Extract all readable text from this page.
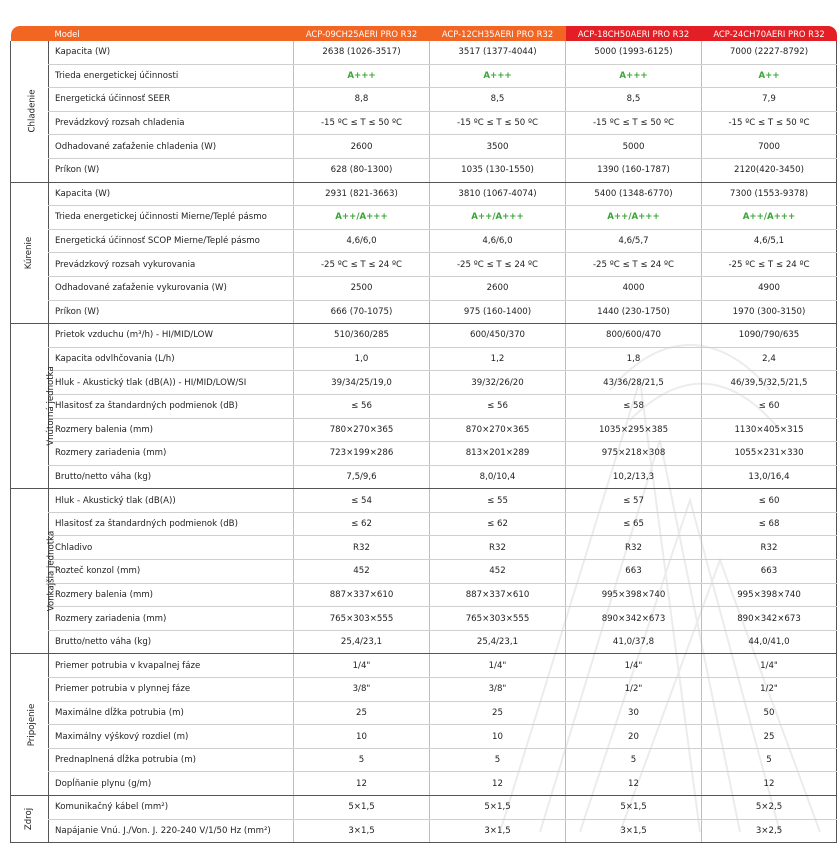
	Model	ACP-09CH25AERI PRO R32	ACP-12CH35AERI PRO R32	ACP-18CH50AERI PRO R32	ACP-24CH70AERI PRO R32
Chladenie	Kapacita (W)	2638 (1026-3517)	3517 (1377-4044)	5000 (1993-6125)	7000 (2227-8792)
	Trieda energetickej účinnosti	A+++	A+++	A+++	A++
	Energetická účinnosť SEER	8,8	8,5	8,5	7,9
	Prevádzkový rozsah chladenia	-15 ºC ≤ T ≤ 50 ºC	-15 ºC ≤ T ≤ 50 ºC	-15 ºC ≤ T ≤ 50 ºC	-15 ºC ≤ T ≤ 50 ºC
	Odhadované zaťaženie chladenia (W)	2600	3500	5000	7000
	Príkon (W)	628 (80-1300)	1035 (130-1550)	1390 (160-1787)	2120(420-3450)
Kúrenie	Kapacita (W)	2931 (821-3663)	3810 (1067-4074)	5400 (1348-6770)	7300 (1553-9378)
	Trieda energetickej účinnosti Mierne/Teplé pásmo	A++/A+++	A++/A+++	A++/A+++	A++/A+++
	Energetická účinnosť SCOP Mierne/Teplé pásmo	4,6/6,0	4,6/6,0	4,6/5,7	4,6/5,1
	Prevádzkový rozsah vykurovania	-25 ºC ≤ T ≤ 24 ºC	-25 ºC ≤ T ≤ 24 ºC	-25 ºC ≤ T ≤ 24 ºC	-25 ºC ≤ T ≤ 24 ºC
	Odhadované zaťaženie vykurovania (W)	2500	2600	4000	4900
	Príkon (W)	666 (70-1075)	975 (160-1400)	1440 (230-1750)	1970 (300-3150)
Vnútorná jednotka	Prietok vzduchu (m³/h) - HI/MID/LOW	510/360/285	600/450/370	800/600/470	1090/790/635
	Kapacita odvlhčovania (L/h)	1,0	1,2	1,8	2,4
	Hluk - Akustický tlak (dB(A)) - HI/MID/LOW/SI	39/34/25/19,0	39/32/26/20	43/36/28/21,5	46/39,5/32,5/21,5
	Hlasitosť za štandardných podmienok (dB)	≤ 56	≤ 56	≤ 58	≤ 60
	Rozmery balenia (mm)	780×270×365	870×270×365	1035×295×385	1130×405×315
	Rozmery zariadenia (mm)	723×199×286	813×201×289	975×218×308	1055×231×330
	Brutto/netto váha (kg)	7,5/9,6	8,0/10,4	10,2/13,3	13,0/16,4
Vonkajšia jednotka	Hluk - Akustický tlak (dB(A))	≤ 54	≤ 55	≤ 57	≤ 60
	Hlasitosť za štandardných podmienok (dB)	≤ 62	≤ 62	≤ 65	≤ 68
	Chladivo	R32	R32	R32	R32
	Rozteč konzol (mm)	452	452	663	663
	Rozmery balenia (mm)	887×337×610	887×337×610	995×398×740	995×398×740
	Rozmery zariadenia (mm)	765×303×555	765×303×555	890×342×673	890×342×673
	Brutto/netto váha (kg)	25,4/23,1	25,4/23,1	41,0/37,8	44,0/41,0
Pripojenie	Priemer potrubia v kvapalnej fáze	1/4"	1/4"	1/4"	1/4"
	Priemer potrubia v plynnej fáze	3/8"	3/8"	1/2"	1/2"
	Maximálne dĺžka potrubia (m)	25	25	30	50
	Maximálny výškový rozdiel (m)	10	10	20	25
	Prednaplnená dĺžka potrubia (m)	5	5	5	5
	Dopĺňanie plynu (g/m)	12	12	12	12
Zdroj	Komunikačný kábel (mm²)	5×1,5	5×1,5	5×1,5	5×2,5
	Napájanie Vnú. J./Von. J. 220-240 V/1/50 Hz (mm²)	3×1,5	3×1,5	3×1,5	3×2,5
